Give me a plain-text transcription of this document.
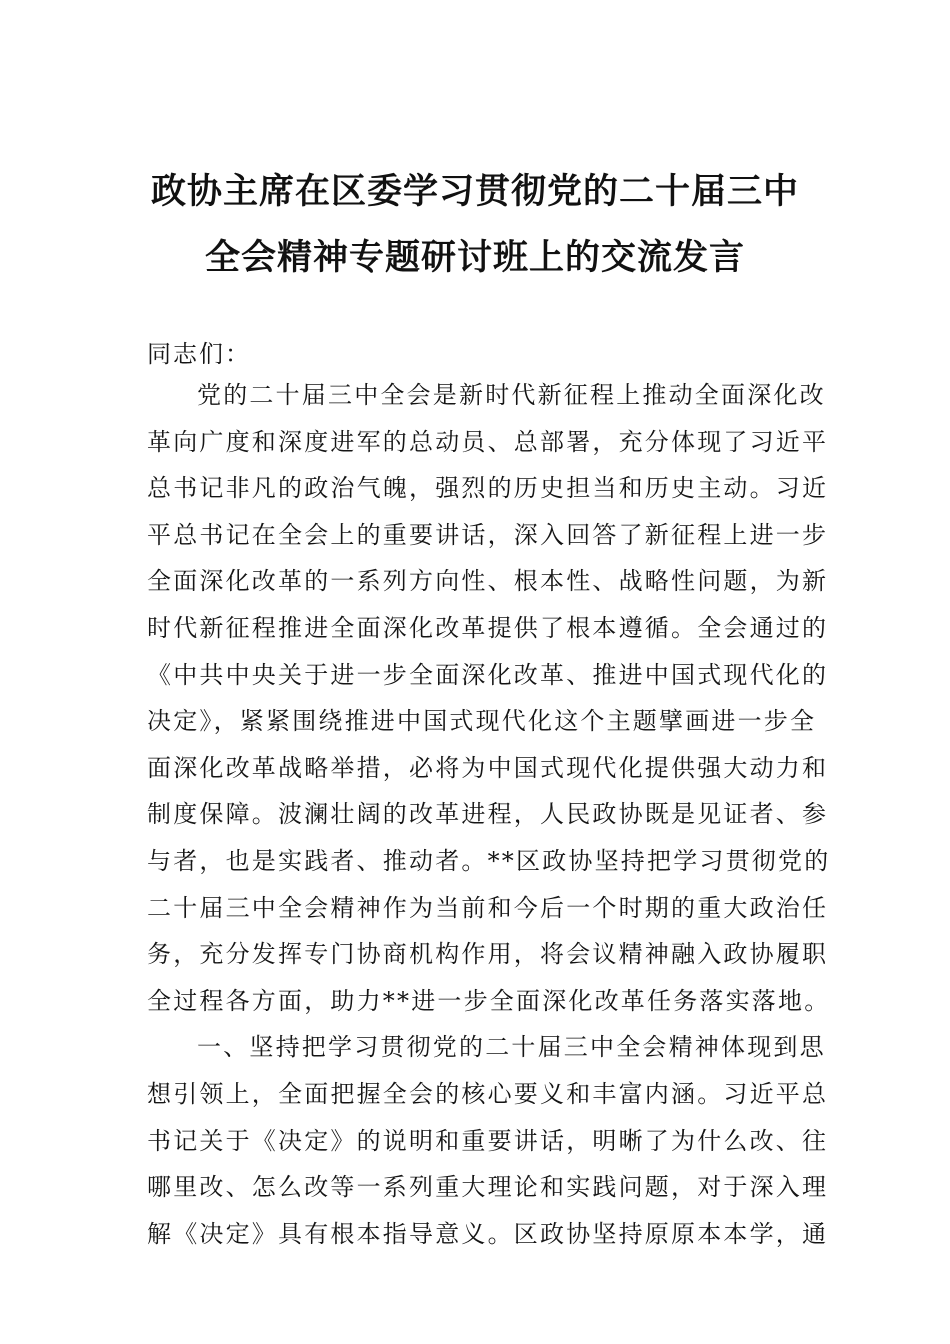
政协主席在区委学习贯彻党的二十届三中
全会精神专题研讨班上的交流发言
同志们：
党的二十届三中全会是新时代新征程上推动全面深化改
革向广度和深度进军的总动员、总部署，充分体现了习近平
总书记非凡的政治气魄，强烈的历史担当和历史主动。习近
平总书记在全会上的重要讲话，深入回答了新征程上进一步
全面深化改革的一系列方向性、根本性、战略性问题，为新
时代新征程推进全面深化改革提供了根本遵循。全会通过的
《中共中央关于进一步全面深化改革、推进中国式现代化的
决定》，紧紧围绕推进中国式现代化这个主题擘画进一步全
面深化改革战略举措，必将为中国式现代化提供强大动力和
制度保障。波澜壮阔的改革进程，人民政协既是见证者、参
与者，也是实践者、推动者。**区政协坚持把学习贯彻党的
二十届三中全会精神作为当前和今后一个时期的重大政治任
务，充分发挥专门协商机构作用，将会议精神融入政协履职
全过程各方面，助力**进一步全面深化改革任务落实落地。
一、坚持把学习贯彻党的二十届三中全会精神体现到思
想引领上，全面把握全会的核心要义和丰富内涵。习近平总
书记关于《决定》的说明和重要讲话，明晰了为什么改、往
哪里改、怎么改等一系列重大理论和实践问题，对于深入理
解《决定》具有根本指导意义。区政协坚持原原本本学，通
